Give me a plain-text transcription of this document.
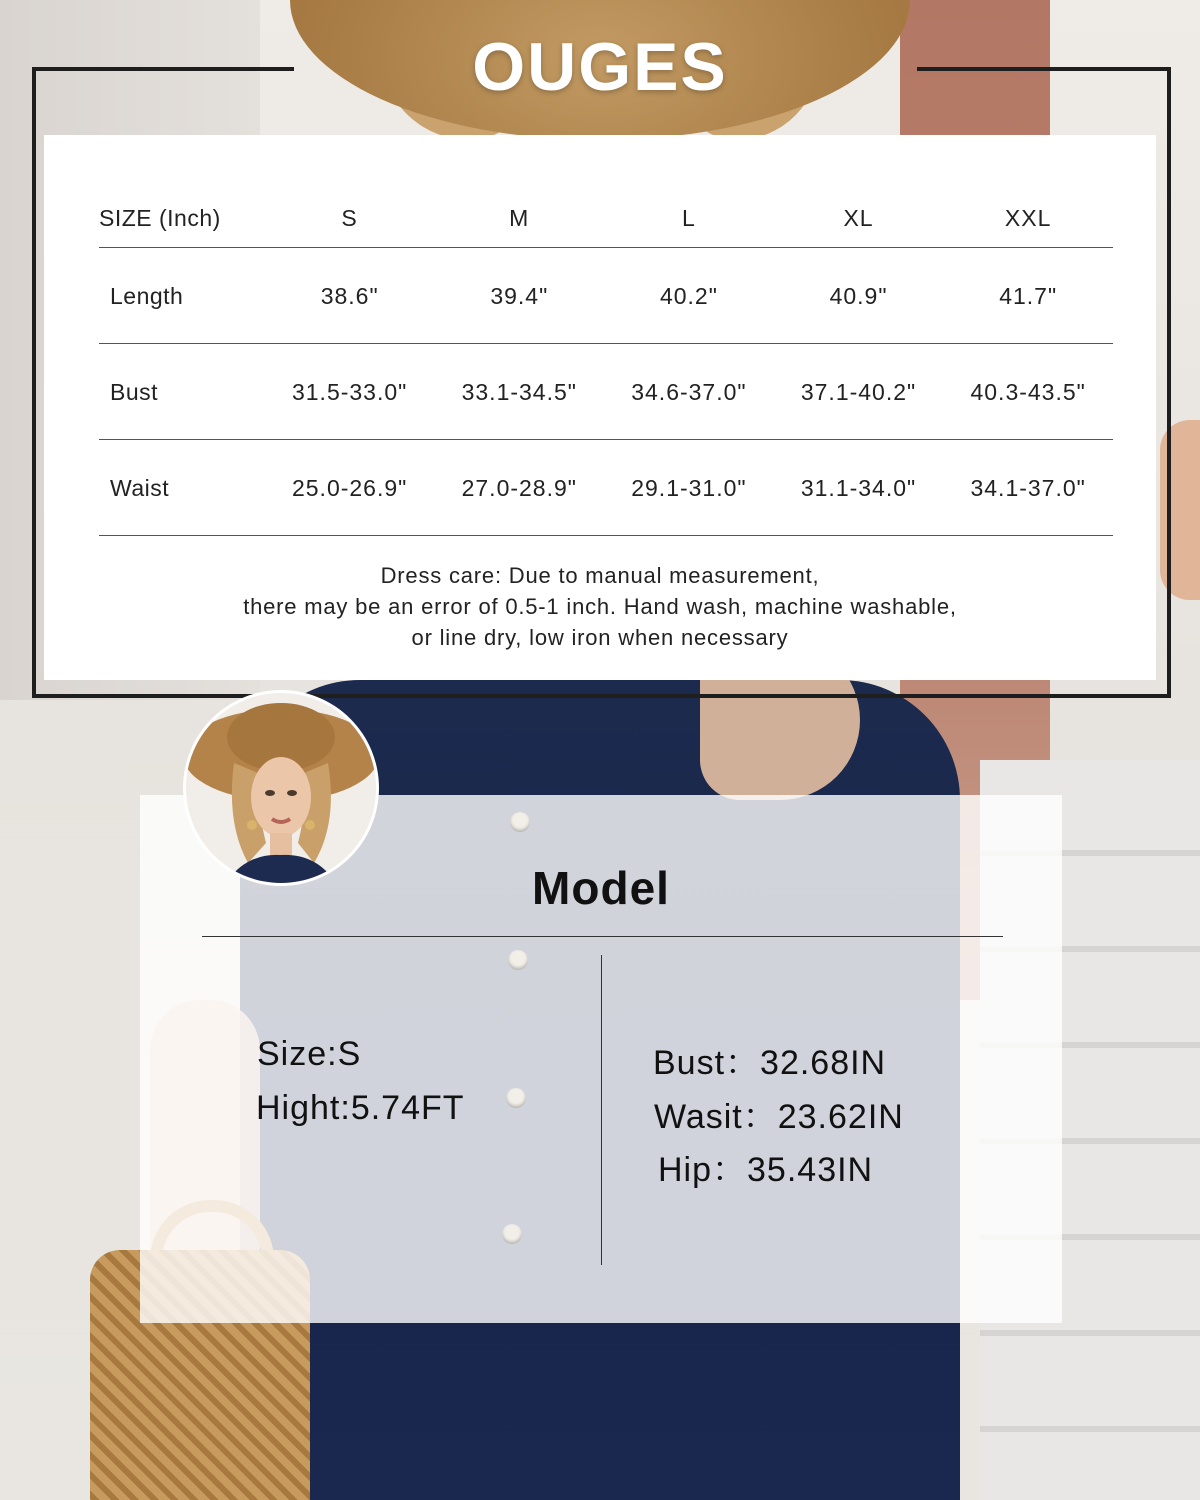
OUGES
SIZE (Inch)	S	M	L	XL	XXL
Length	38.6"	39.4"	40.2"	40.9"	41.7"
Bust	31.5-33.0"	33.1-34.5"	34.6-37.0"	37.1-40.2"	40.3-43.5"
Waist	25.0-26.9"	27.0-28.9"	29.1-31.0"	31.1-34.0"	34.1-37.0"
Dress care: Due to manual measurement,
there may be an error of 0.5-1 inch. Hand wash, machine washable,
or line dry, low iron when necessary
Model
Size:S
Hight:5.74FT
Bust：32.68IN
Wasit：23.62IN
Hip：35.43IN
